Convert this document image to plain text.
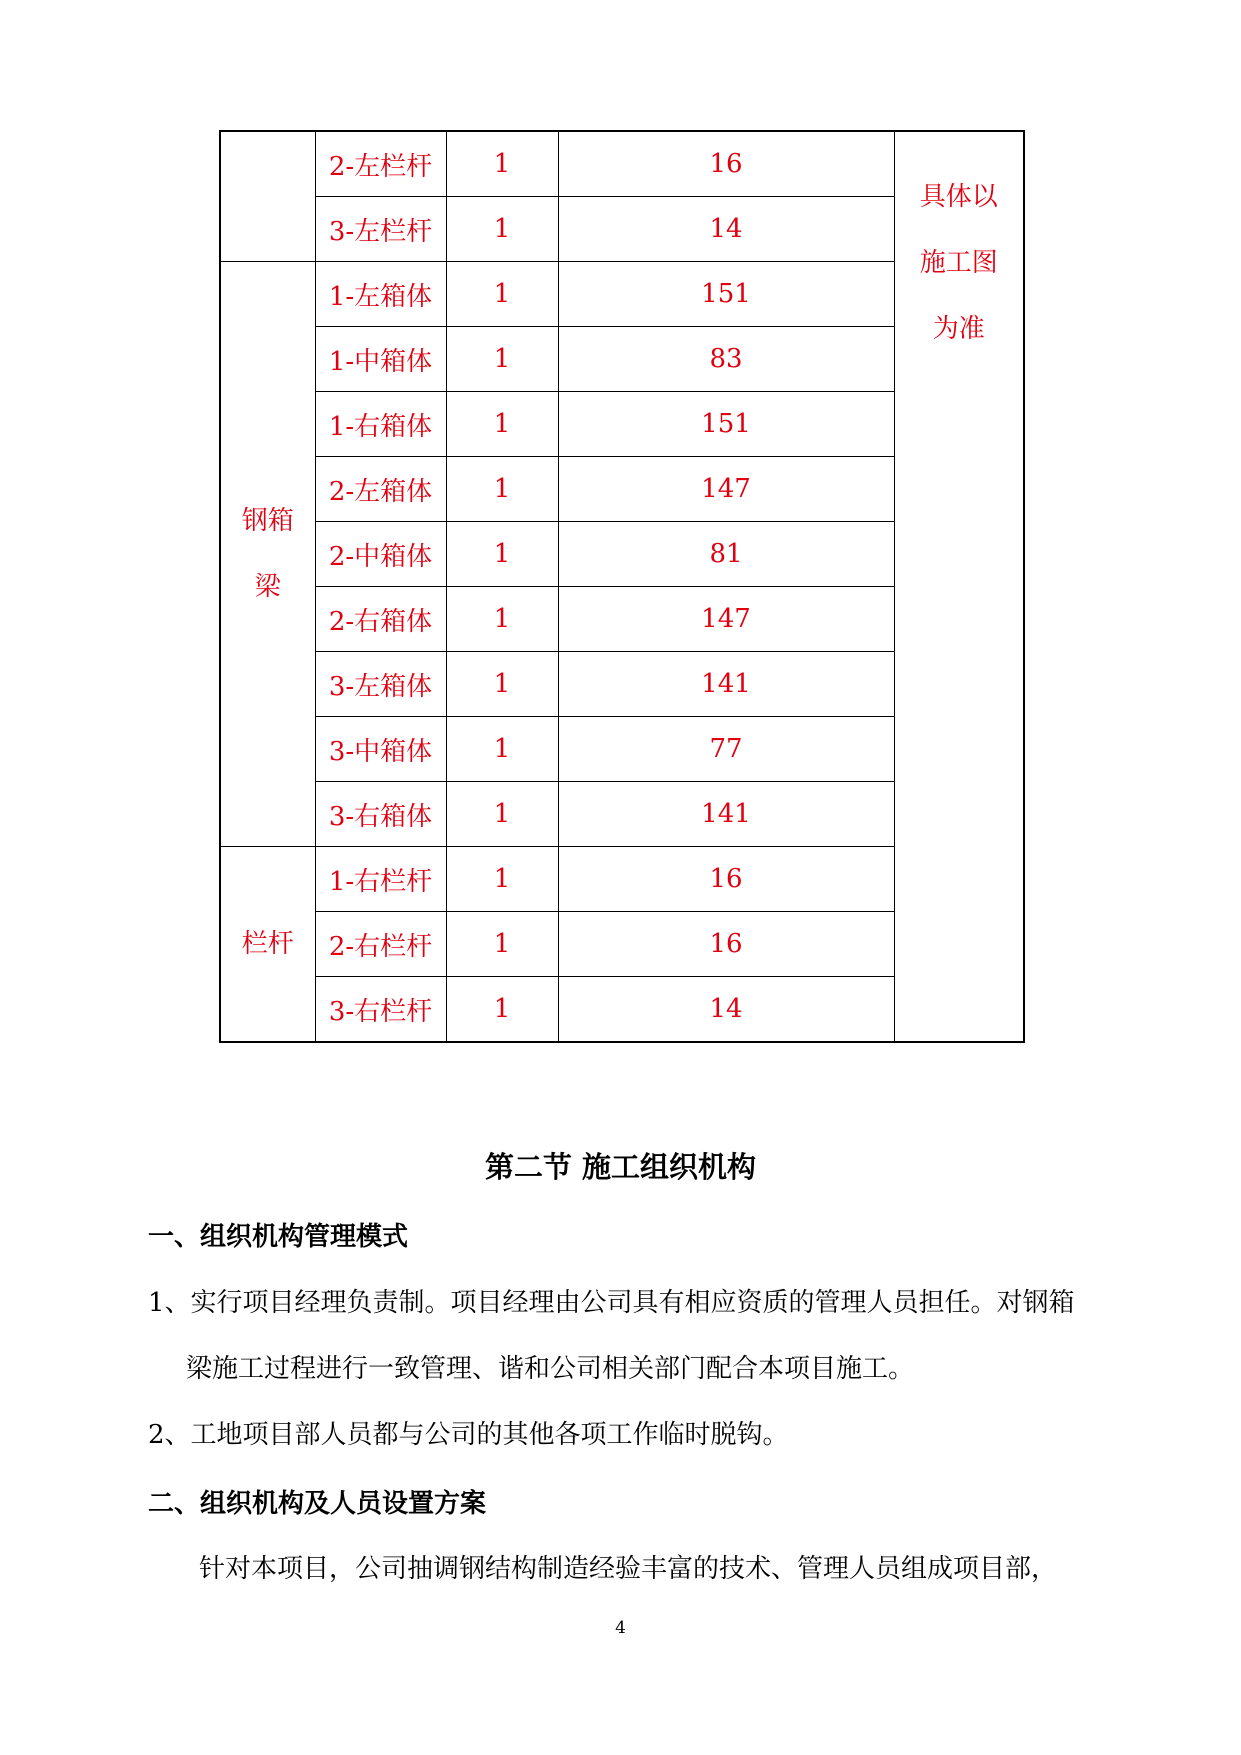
	2-左栏杆	1	16	具体以施工图为准
	3-左栏杆	1	14	
钢箱梁	1-左箱体	1	151	
	1-中箱体	1	83	
	1-右箱体	1	151	
	2-左箱体	1	147	
	2-中箱体	1	81	
	2-右箱体	1	147	
	3-左箱体	1	141	
	3-中箱体	1	77	
	3-右箱体	1	141	
栏杆	1-右栏杆	1	16	
	2-右栏杆	1	16	
	3-右栏杆	1	14	
第二节 施工组织机构
一、组织机构管理模式
1、实行项目经理负责制。项目经理由公司具有相应资质的管理人员担任。对钢箱
梁施工过程进行一致管理、谐和公司相关部门配合本项目施工。
2、工地项目部人员都与公司的其他各项工作临时脱钩。
二、组织机构及人员设置方案
针对本项目，公司抽调钢结构制造经验丰富的技术、管理人员组成项目部，
4
